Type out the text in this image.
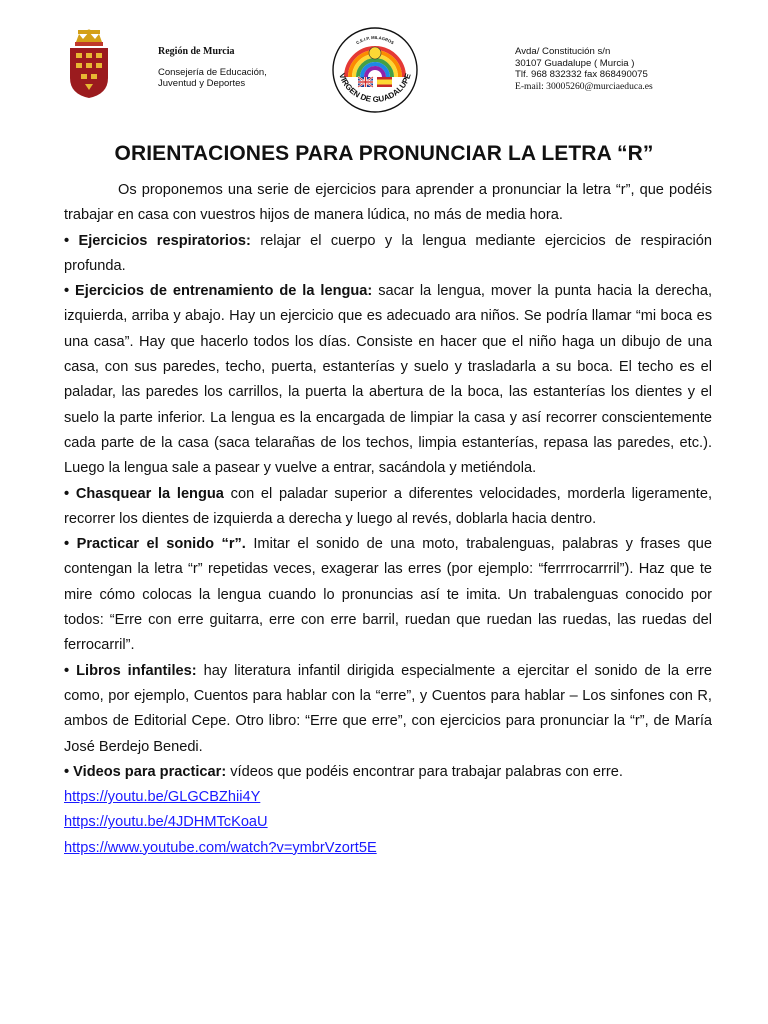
Región de Murcia
Consejería de Educación,
Juventud y Deportes
C.E.I.P. MILAGROS
VIRGEN DE GUADALUPE
Avda/ Constitución s/n
30107 Guadalupe ( Murcia )
Tlf. 968 832332 fax 868490075
E-mail: 30005260@murciaeduca.es
ORIENTACIONES PARA PRONUNCIAR LA LETRA “R”

Os proponemos una serie de ejercicios para aprender a pronunciar la letra “r”, que podéis trabajar en casa con vuestros hijos de manera lúdica, no más de media hora.

• Ejercicios respiratorios: relajar el cuerpo y la lengua mediante ejercicios de respiración profunda.

• Ejercicios de entrenamiento de la lengua: sacar la lengua, mover la punta hacia la derecha, izquierda, arriba y abajo. Hay un ejercicio que es adecuado ara niños. Se podría llamar “mi boca es una casa”. Hay que hacerlo todos los días. Consiste en hacer que el niño haga un dibujo de una casa, con sus paredes, techo, puerta, estanterías y suelo y trasladarla a su boca. El techo es el paladar, las paredes los carrillos, la puerta la abertura de la boca, las estanterías los dientes y el suelo la parte inferior. La lengua es la encargada de limpiar la casa y así recorrer conscientemente cada parte de la casa (saca telarañas de los techos, limpia estanterías, repasa las paredes, etc.). Luego la lengua sale a pasear y vuelve a entrar, sacándola y metiéndola.

• Chasquear la lengua con el paladar superior a diferentes velocidades, morderla ligeramente, recorrer los dientes de izquierda a derecha y luego al revés, doblarla hacia dentro.

• Practicar el sonido “r”. Imitar el sonido de una moto, trabalenguas, palabras y frases que contengan la letra “r” repetidas veces, exagerar las erres (por ejemplo: “ferrrrocarrril”). Haz que te mire cómo colocas la lengua cuando lo pronuncias así te imita. Un trabalenguas conocido por todos: “Erre con erre guitarra, erre con erre barril, ruedan que ruedan las ruedas, las ruedas del ferrocarril”.

• Libros infantiles: hay literatura infantil dirigida especialmente a ejercitar el sonido de la erre como, por ejemplo, Cuentos para hablar con la “erre”, y Cuentos para hablar – Los sinfones con R, ambos de Editorial Cepe. Otro libro: “Erre que erre”, con ejercicios para pronunciar la “r”, de María José Berdejo Benedi.

• Videos para practicar: vídeos que podéis encontrar para trabajar palabras con erre.

https://youtu.be/GLGCBZhii4Y
https://youtu.be/4JDHMTcKoaU
https://www.youtube.com/watch?v=ymbrVzort5E
